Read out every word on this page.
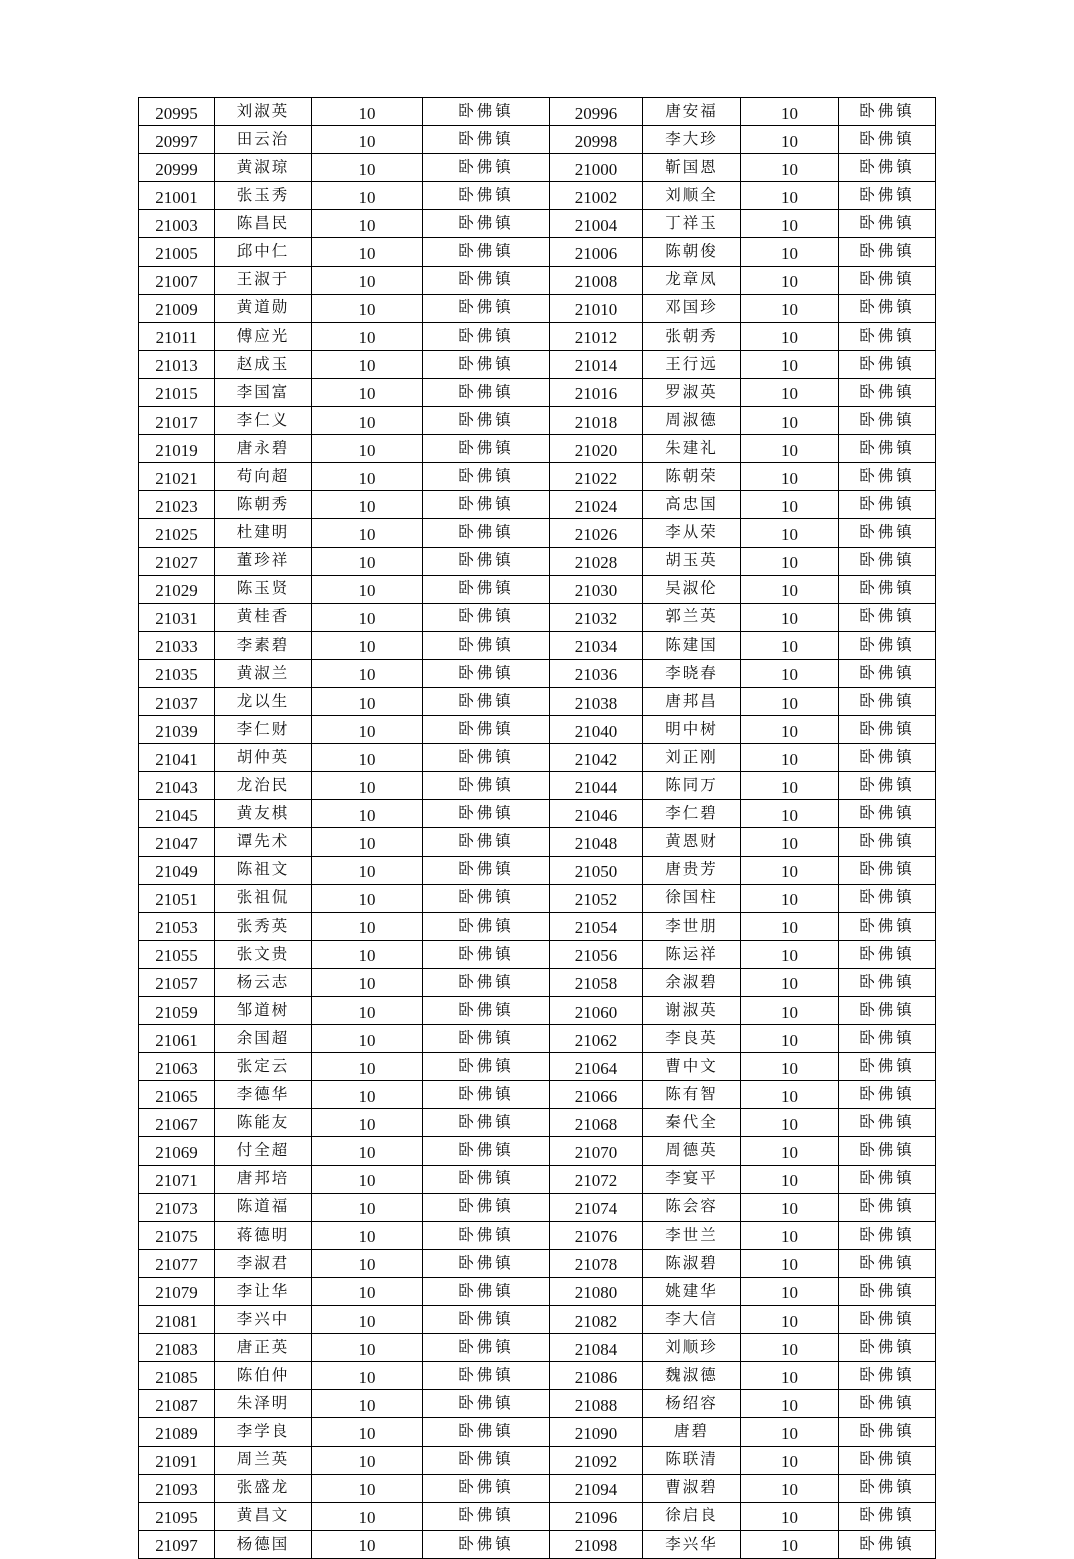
20995	刘淑英	10	卧佛镇	20996	唐安福	10	卧佛镇
20997	田云治	10	卧佛镇	20998	李大珍	10	卧佛镇
20999	黄淑琼	10	卧佛镇	21000	靳国恩	10	卧佛镇
21001	张玉秀	10	卧佛镇	21002	刘顺全	10	卧佛镇
21003	陈昌民	10	卧佛镇	21004	丁祥玉	10	卧佛镇
21005	邱中仁	10	卧佛镇	21006	陈朝俊	10	卧佛镇
21007	王淑于	10	卧佛镇	21008	龙章凤	10	卧佛镇
21009	黄道勋	10	卧佛镇	21010	邓国珍	10	卧佛镇
21011	傅应光	10	卧佛镇	21012	张朝秀	10	卧佛镇
21013	赵成玉	10	卧佛镇	21014	王行远	10	卧佛镇
21015	李国富	10	卧佛镇	21016	罗淑英	10	卧佛镇
21017	李仁义	10	卧佛镇	21018	周淑德	10	卧佛镇
21019	唐永碧	10	卧佛镇	21020	朱建礼	10	卧佛镇
21021	苟向超	10	卧佛镇	21022	陈朝荣	10	卧佛镇
21023	陈朝秀	10	卧佛镇	21024	高忠国	10	卧佛镇
21025	杜建明	10	卧佛镇	21026	李从荣	10	卧佛镇
21027	董珍祥	10	卧佛镇	21028	胡玉英	10	卧佛镇
21029	陈玉贤	10	卧佛镇	21030	吴淑伦	10	卧佛镇
21031	黄桂香	10	卧佛镇	21032	郭兰英	10	卧佛镇
21033	李素碧	10	卧佛镇	21034	陈建国	10	卧佛镇
21035	黄淑兰	10	卧佛镇	21036	李晓春	10	卧佛镇
21037	龙以生	10	卧佛镇	21038	唐邦昌	10	卧佛镇
21039	李仁财	10	卧佛镇	21040	明中树	10	卧佛镇
21041	胡仲英	10	卧佛镇	21042	刘正刚	10	卧佛镇
21043	龙治民	10	卧佛镇	21044	陈同万	10	卧佛镇
21045	黄友棋	10	卧佛镇	21046	李仁碧	10	卧佛镇
21047	谭先术	10	卧佛镇	21048	黄恩财	10	卧佛镇
21049	陈祖文	10	卧佛镇	21050	唐贵芳	10	卧佛镇
21051	张祖侃	10	卧佛镇	21052	徐国柱	10	卧佛镇
21053	张秀英	10	卧佛镇	21054	李世朋	10	卧佛镇
21055	张文贵	10	卧佛镇	21056	陈运祥	10	卧佛镇
21057	杨云志	10	卧佛镇	21058	余淑碧	10	卧佛镇
21059	邹道树	10	卧佛镇	21060	谢淑英	10	卧佛镇
21061	余国超	10	卧佛镇	21062	李良英	10	卧佛镇
21063	张定云	10	卧佛镇	21064	曹中文	10	卧佛镇
21065	李德华	10	卧佛镇	21066	陈有智	10	卧佛镇
21067	陈能友	10	卧佛镇	21068	秦代全	10	卧佛镇
21069	付全超	10	卧佛镇	21070	周德英	10	卧佛镇
21071	唐邦培	10	卧佛镇	21072	李宴平	10	卧佛镇
21073	陈道福	10	卧佛镇	21074	陈会容	10	卧佛镇
21075	蒋德明	10	卧佛镇	21076	李世兰	10	卧佛镇
21077	李淑君	10	卧佛镇	21078	陈淑碧	10	卧佛镇
21079	李让华	10	卧佛镇	21080	姚建华	10	卧佛镇
21081	李兴中	10	卧佛镇	21082	李大信	10	卧佛镇
21083	唐正英	10	卧佛镇	21084	刘顺珍	10	卧佛镇
21085	陈伯仲	10	卧佛镇	21086	魏淑德	10	卧佛镇
21087	朱泽明	10	卧佛镇	21088	杨绍容	10	卧佛镇
21089	李学良	10	卧佛镇	21090	唐碧	10	卧佛镇
21091	周兰英	10	卧佛镇	21092	陈联清	10	卧佛镇
21093	张盛龙	10	卧佛镇	21094	曹淑碧	10	卧佛镇
21095	黄昌文	10	卧佛镇	21096	徐启良	10	卧佛镇
21097	杨德国	10	卧佛镇	21098	李兴华	10	卧佛镇
